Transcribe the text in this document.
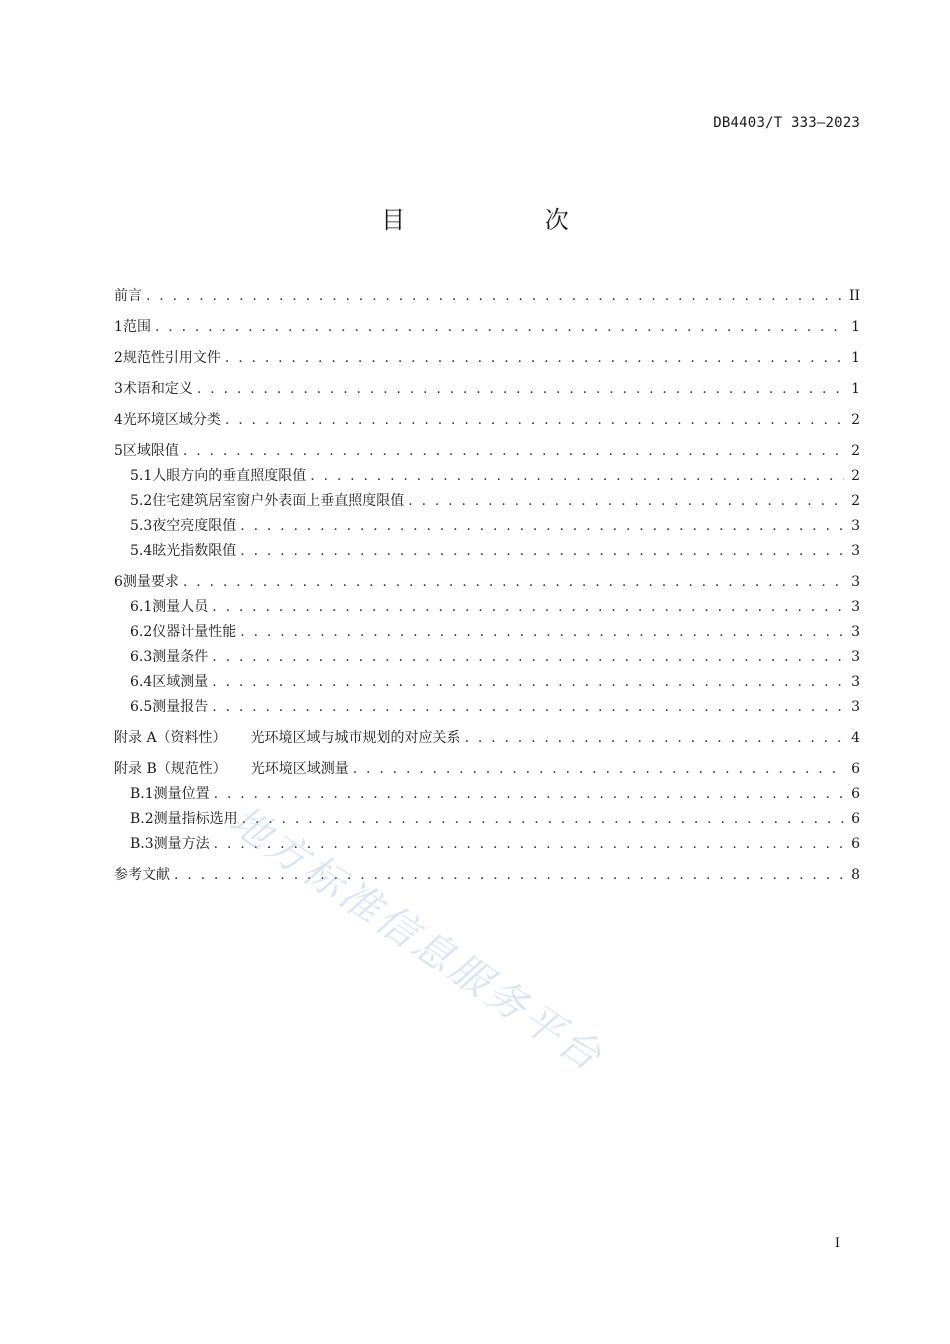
DB4403/T 333—2023
目 次
前言 . . .	II
1 范围 . . .	1
2 规范性引用文件 . . .	1
3 术语和定义 . . .	1
4 光环境区域分类 . . .	2
5 区域限值 . . .	2
5.1 人眼方向的垂直照度限值 . . .	2
5.2 住宅建筑居室窗户外表面上垂直照度限值 . . .	2
5.3 夜空亮度限值 . . .	3
5.4 眩光指数限值 . . .	3
6 测量要求 . . .	3
6.1 测量人员 . . .	3
6.2 仪器计量性能 . . .	3
6.3 测量条件 . . .	3
6.4 区域测量 . . .	3
6.5 测量报告 . . .	3
附录 A（资料性）	光环境区域与城市规划的对应关系 . . .	4
附录 B（规范性）	光环境区域测量 . . .	6
B.1 测量位置 . . .	6
B.2 测量指标选用 . . .	6
B.3 测量方法 . . .	6
参考文献 . . .	8
地方标准信息服务平台
I
